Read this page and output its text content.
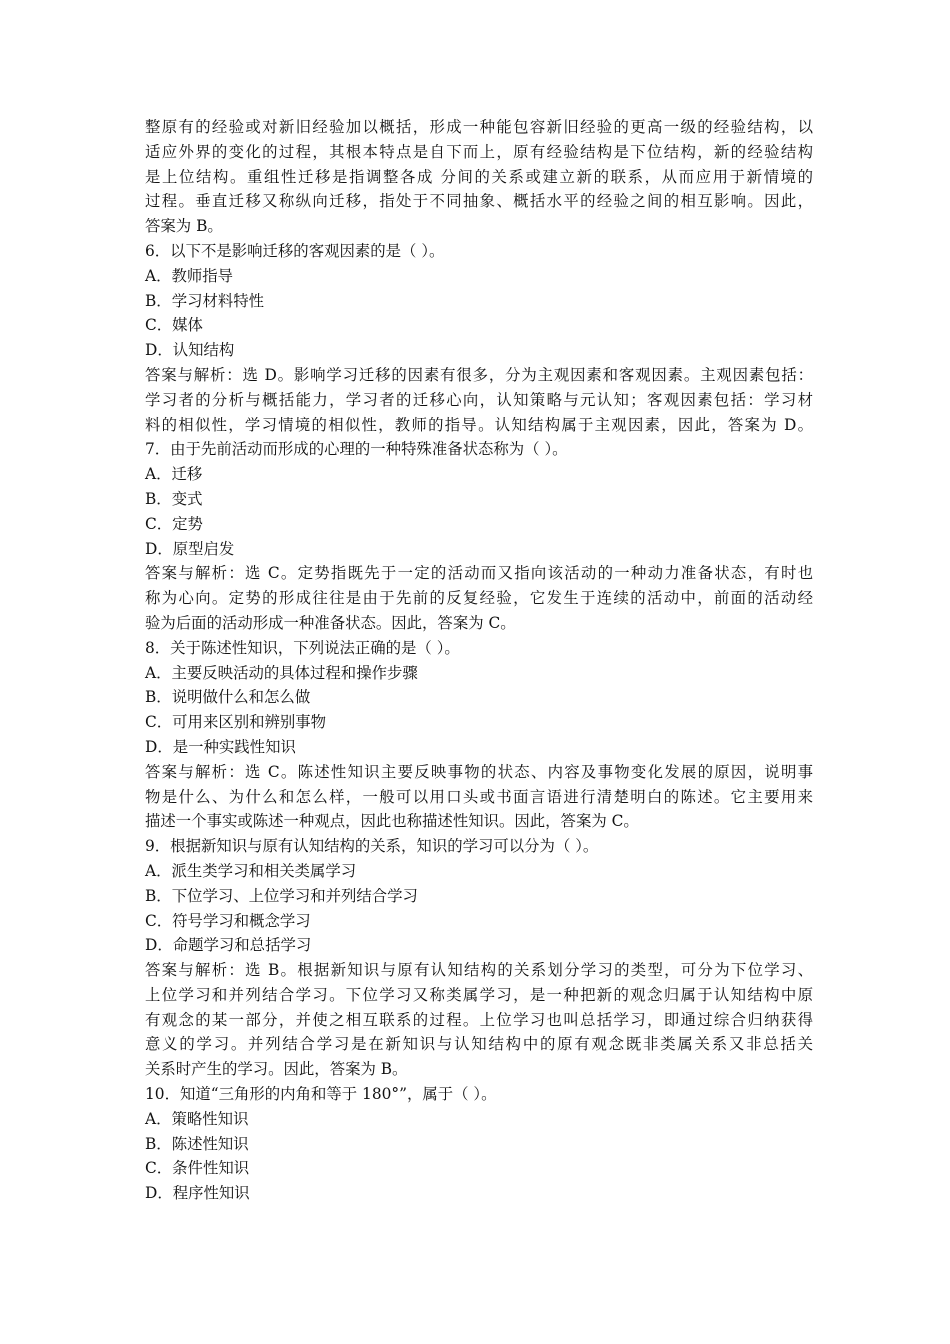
整原有的经验或对新旧经验加以概括，形成一种能包容新旧经验的更高一级的经验结构，以
适应外界的变化的过程，其根本特点是自下而上，原有经验结构是下位结构，新的经验结构
是上位结构。重组性迁移是指调整各成 分间的关系或建立新的联系，从而应用于新情境的
过程。垂直迁移又称纵向迁移，指处于不同抽象、概括水平的经验之间的相互影响。因此，
答案为 B。
6．以下不是影响迁移的客观因素的是（ ）。
A．教师指导
B．学习材料特性
C．媒体
D．认知结构
答案与解析：选 D。影响学习迁移的因素有很多，分为主观因素和客观因素。主观因素包括：
学习者的分析与概括能力，学习者的迁移心向，认知策略与元认知；客观因素包括：学习材
料的相似性，学习情境的相似性，教师的指导。认知结构属于主观因素，因此，答案为 D。
7．由于先前活动而形成的心理的一种特殊准备状态称为（ ）。
A．迁移
B．变式
C．定势
D．原型启发
答案与解析：选 C。定势指既先于一定的活动而又指向该活动的一种动力准备状态，有时也
称为心向。定势的形成往往是由于先前的反复经验，它发生于连续的活动中，前面的活动经
验为后面的活动形成一种准备状态。因此，答案为 C。
8．关于陈述性知识，下列说法正确的是（ ）。
A．主要反映活动的具体过程和操作步骤
B．说明做什么和怎么做
C．可用来区别和辨别事物
D．是一种实践性知识
答案与解析：选 C。陈述性知识主要反映事物的状态、内容及事物变化发展的原因，说明事
物是什么、为什么和怎么样，一般可以用口头或书面言语进行清楚明白的陈述。它主要用来
描述一个事实或陈述一种观点，因此也称描述性知识。因此，答案为 C。
9．根据新知识与原有认知结构的关系，知识的学习可以分为（ ）。
A．派生类学习和相关类属学习
B．下位学习、上位学习和并列结合学习
C．符号学习和概念学习
D．命题学习和总括学习
答案与解析：选 B。根据新知识与原有认知结构的关系划分学习的类型，可分为下位学习、
上位学习和并列结合学习。下位学习又称类属学习，是一种把新的观念归属于认知结构中原
有观念的某一部分，并使之相互联系的过程。上位学习也叫总括学习，即通过综合归纳获得
意义的学习。并列结合学习是在新知识与认知结构中的原有观念既非类属关系又非总括关
关系时产生的学习。因此，答案为 B。
10．知道“三角形的内角和等于 180°”，属于（ ）。
A．策略性知识
B．陈述性知识
C．条件性知识
D．程序性知识
